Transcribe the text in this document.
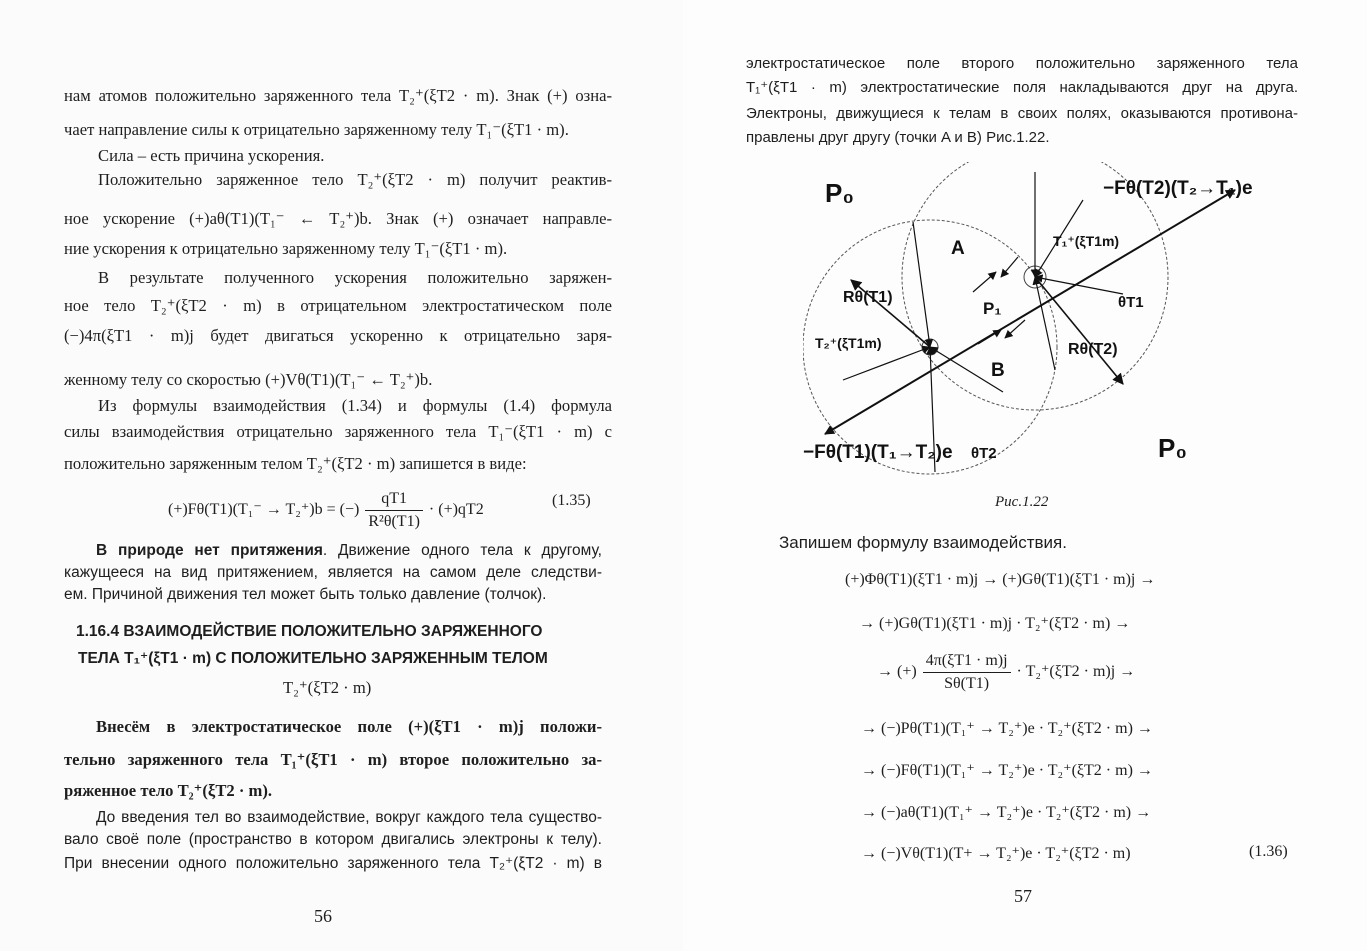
нам атомов положительно заряженного тела T₂⁺(ξT2 · m). Знак (+) озна-
чает направление силы к отрицательно заряженному телу T₁⁻(ξT1 · m).
Сила – есть причина ускорения.
Положительно заряженное тело T₂⁺(ξT2 · m) получит реактив-
ное ускорение (+)aθ(T1)(T₁⁻ ← T₂⁺)b. Знак (+) означает направле-
ние ускорения к отрицательно заряженному телу T₁⁻(ξT1 · m).
В результате полученного ускорения положительно заряжен-
ное тело T₂⁺(ξT2 · m) в отрицательном электростатическом поле
(−)4π(ξT1 · m)j будет двигаться ускоренно к отрицательно заря-
женному телу со скоростью (+)Vθ(T1)(T₁⁻ ← T₂⁺)b.
Из формулы взаимодействия (1.34) и формулы (1.4) формула
силы взаимодействия отрицательно заряженного тела T₁⁻(ξT1 · m) с
положительно заряженным телом T₂⁺(ξT2 · m) запишется в виде:
(+)Fθ(T1)(T₁⁻ → T₂⁺)b = (−) $\frac{qT1}{\text{R²θ(T1)}} \cdot (+)qT2$
(1.35)
В природе нет притяжения. Движение одного тела к другому,
кажущееся на вид притяжением, является на самом деле следстви-
ем. Причиной движения тел может быть только давление (толчок).
1.16.4 ВЗАИМОДЕЙСТВИЕ ПОЛОЖИТЕЛЬНО ЗАРЯЖЕННОГО
ТЕЛА T₁⁺(ξT1 · m) С ПОЛОЖИТЕЛЬНО ЗАРЯЖЕННЫМ ТЕЛОМ
T₂⁺(ξT2 · m)
Внесём в электростатическое поле (+)(ξT1 · m)j положи-
тельно заряженного тела T₁⁺(ξT1 · m) второе положительно за-
ряженное тело T₂⁺(ξT2 · m).
До введения тел во взаимодействие, вокруг каждого тела существо-
вало своё поле (пространство в котором двигались электроны к телу).
При внесении одного положительно заряженного тела T₂⁺(ξT2 · m) в
56
электростатическое поле второго положительно заряженного тела
T₁⁺(ξT1 · m) электростатические поля накладываются друг на друга.
Электроны, движущиеся к телам в своих полях, оказываются противона-
правлены друг другу (точки A и B) Рис.1.22.
P₀
P₀
−Fθ(T2)(T₂→T₁)e
−Fθ(T1)(T₁→T₂)e
A
B
P₁
Rθ(T1)
Rθ(T2)
θT1
θT2
T₁⁺(ξT1m)
T₂⁺(ξT1m)
Рис.1.22
Запишем формулу взаимодействия.
(+)Φθ(T1)(ξT1 · m)j → (+)Gθ(T1)(ξT1 · m)j →
→ (+)Gθ(T1)(ξT1 · m)j · T₂⁺(ξT2 · m) →
→ (+) $\frac{4\pi(\xi T1 \cdot m)j}{S\theta(T1)} \cdot T_2^+(\xi T2 \cdot m)j$ →
→ (−)Pθ(T1)(T₁⁺ → T₂⁺)e · T₂⁺(ξT2 · m) →
→ (−)Fθ(T1)(T₁⁺ → T₂⁺)e · T₂⁺(ξT2 · m) →
→ (−)aθ(T1)(T₁⁺ → T₂⁺)e · T₂⁺(ξT2 · m) →
→ (−)Vθ(T1)(T+ → T₂⁺)e · T₂⁺(ξT2 · m)	(1.36)
57
